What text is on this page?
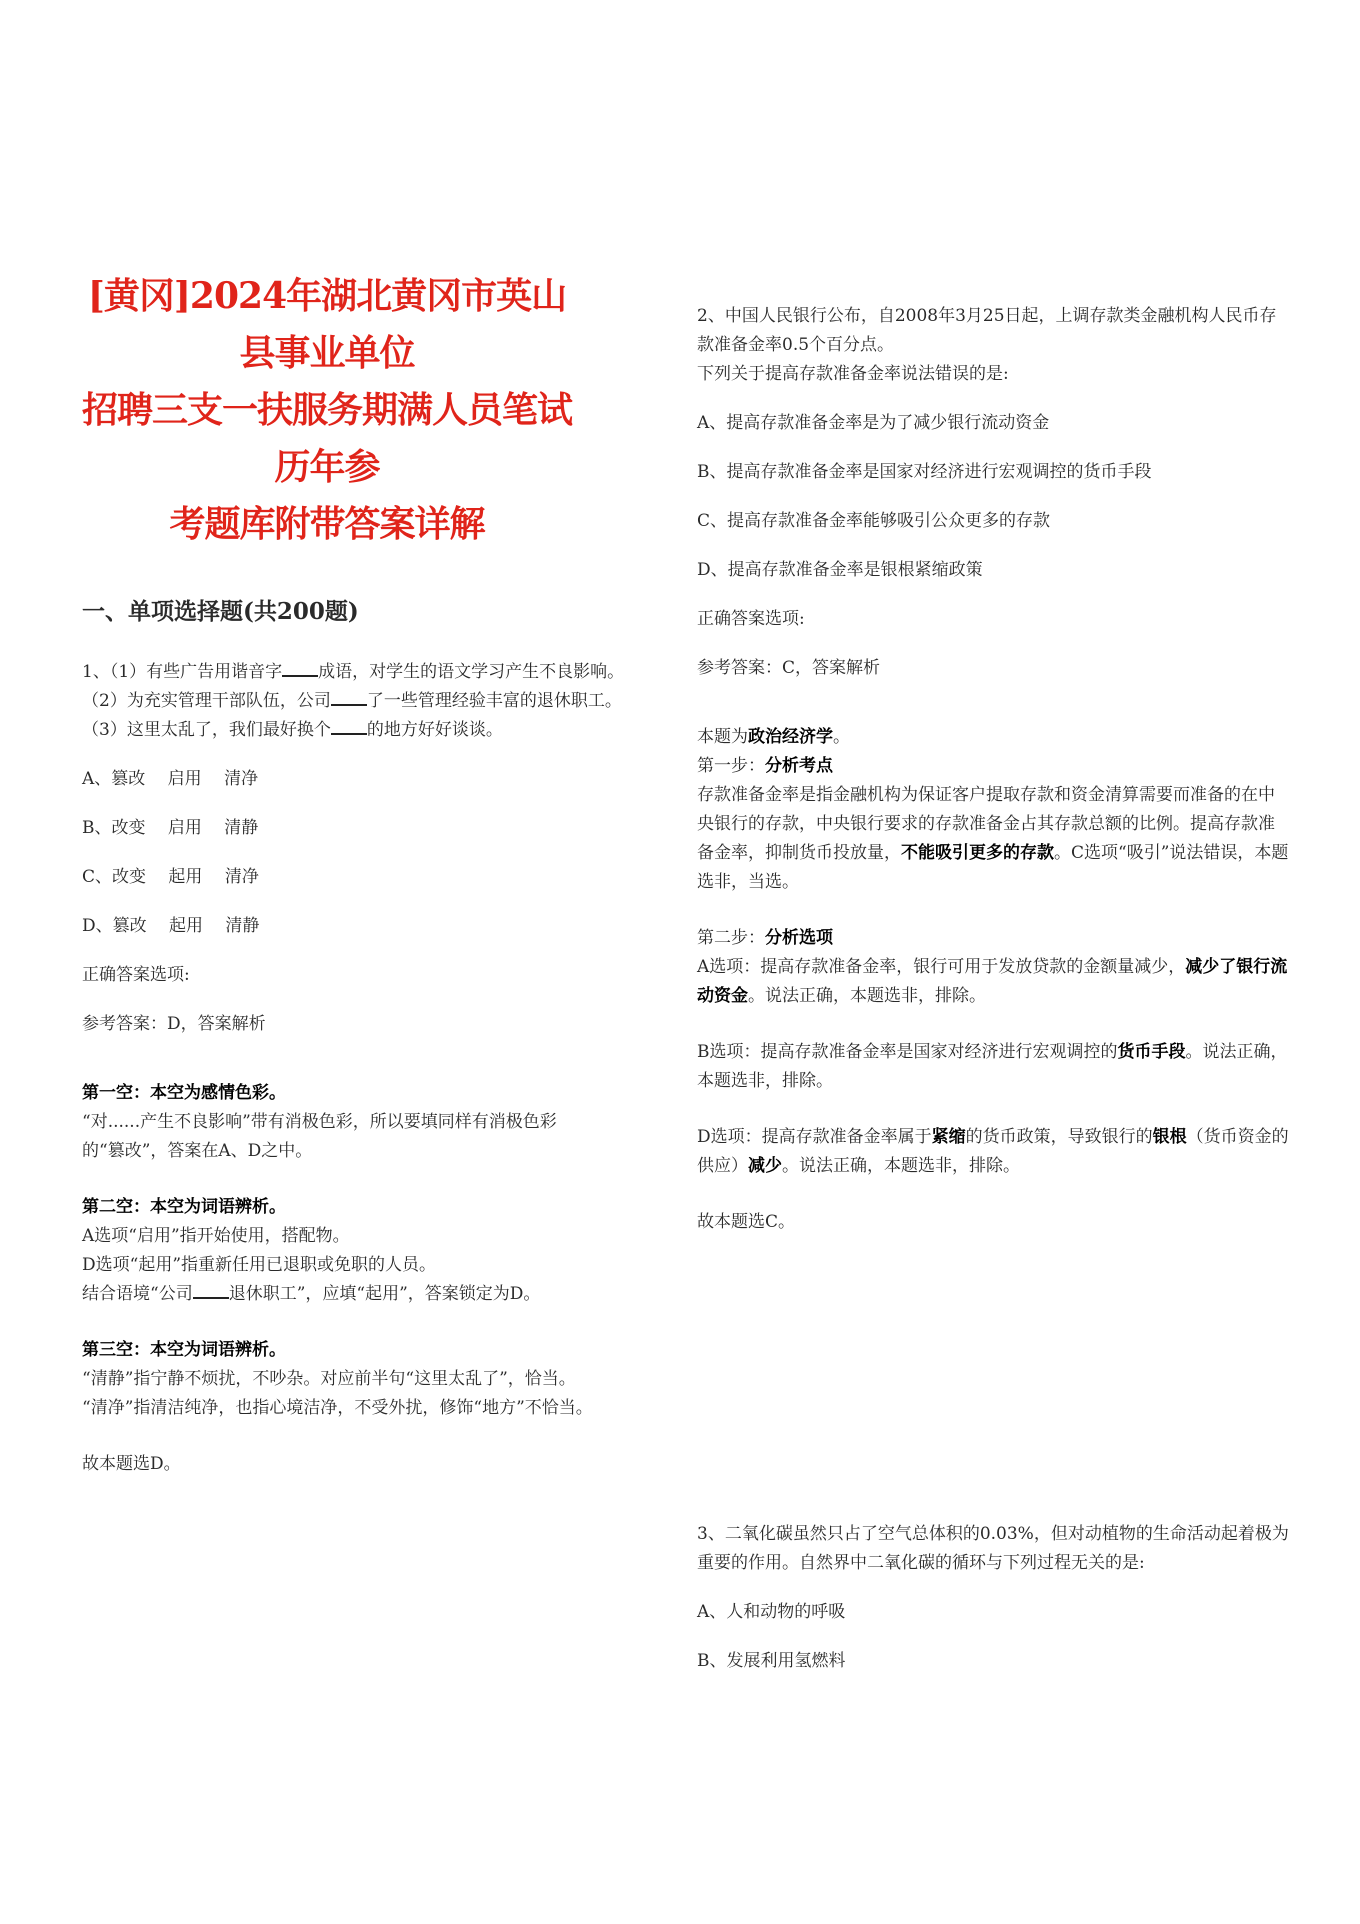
[黄冈]2024年湖北黄冈市英山县事业单位

招聘三支一扶服务期满人员笔试历年参

考题库附带答案详解

一、单项选择题(共200题)

1、（1）有些广告用谐音字 成语，对学生的语文学习产生不良影响。
（2）为充实管理干部队伍，公司 了一些管理经验丰富的退休职工。
（3）这里太乱了，我们最好换个 的地方好好谈谈。

A、篡改　 启用　 清净

B、改变　 启用　 清静

C、改变　 起用　 清净

D、篡改　 起用　 清静

正确答案选项:

参考答案：D，答案解析

第一空：本空为感情色彩。

“对......产生不良影响”带有消极色彩，所以要填同样有消极色彩的“篡改”，答案在A、D之中。

第二空：本空为词语辨析。

A选项“启用”指开始使用，搭配物。
D选项“起用”指重新任用已退职或免职的人员。
结合语境“公司 退休职工”，应填“起用”，答案锁定为D。

第三空：本空为词语辨析。

“清静”指宁静不烦扰，不吵杂。对应前半句“这里太乱了”，恰当。
“清净”指清洁纯净，也指心境洁净，不受外扰，修饰“地方”不恰当。

故本题选D。

2、中国人民银行公布，自2008年3月25日起，上调存款类金融机构人民币存款准备金率0.5个百分点。

下列关于提高存款准备金率说法错误的是:

A、提高存款准备金率是为了减少银行流动资金

B、提高存款准备金率是国家对经济进行宏观调控的货币手段

C、提高存款准备金率能够吸引公众更多的存款

D、提高存款准备金率是银根紧缩政策

正确答案选项:

参考答案：C，答案解析

本题为政治经济学。

第一步：分析考点

存款准备金率是指金融机构为保证客户提取存款和资金清算需要而准备的在中央银行的存款，中央银行要求的存款准备金占其存款总额的比例。提高存款准备金率，抑制货币投放量，不能吸引更多的存款。C选项“吸引”说法错误，本题选非，当选。

第二步：分析选项

A选项：提高存款准备金率，银行可用于发放贷款的金额量减少，减少了银行流动资金。说法正确，本题选非，排除。

B选项：提高存款准备金率是国家对经济进行宏观调控的货币手段。说法正确，本题选非，排除。

D选项：提高存款准备金率属于紧缩的货币政策，导致银行的银根（货币资金的供应）减少。说法正确，本题选非，排除。

故本题选C。

3、二氧化碳虽然只占了空气总体积的0.03%，但对动植物的生命活动起着极为重要的作用。自然界中二氧化碳的循环与下列过程无关的是:

A、人和动物的呼吸

B、发展利用氢燃料
